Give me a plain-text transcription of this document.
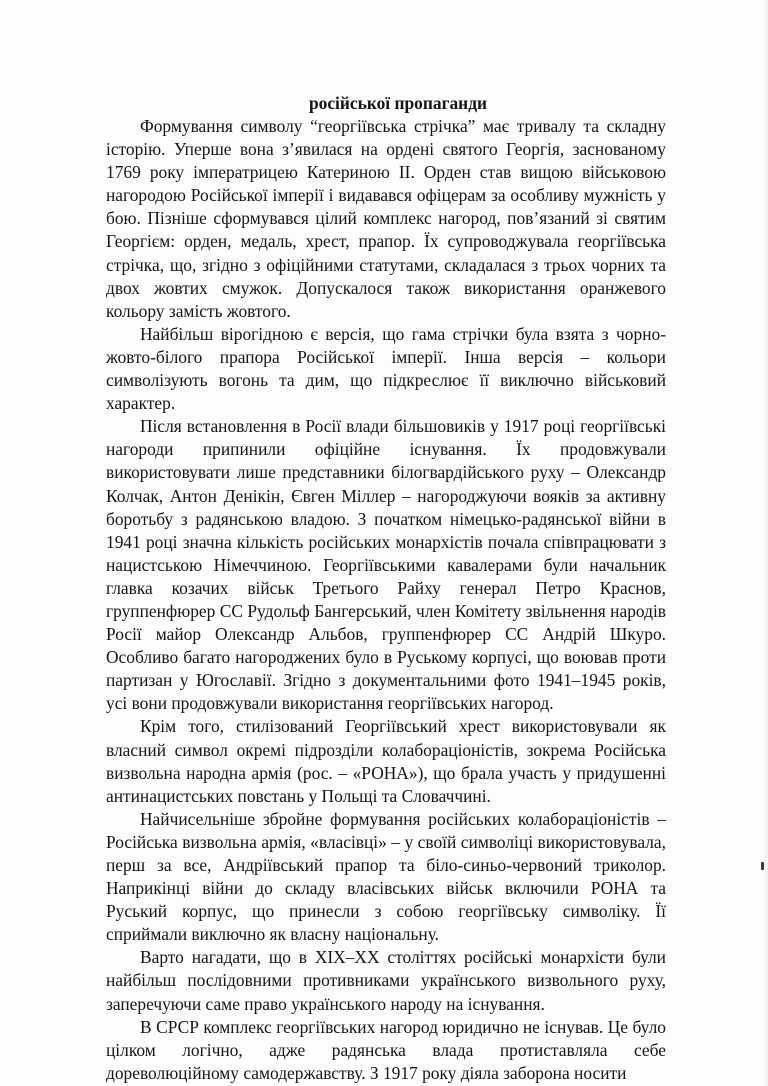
російської пропаганди

Формування символу “георгіївська стрічка” має тривалу та складну історію. Уперше вона з’явилася на ордені святого Георгія, заснованому 1769 року імператрицею Катериною II. Орден став вищою військовою нагородою Російської імперії і видавався офіцерам за особливу мужність у бою. Пізніше сформувався цілий комплекс нагород, пов’язаний зі святим Георгієм: орден, медаль, хрест, прапор. Їх супроводжувала георгіївська стрічка, що, згідно з офіційними статутами, складалася з трьох чорних та двох жовтих смужок. Допускалося також використання оранжевого кольору замість жовтого.

Найбільш вірогідною є версія, що гама стрічки була взята з чорно-жовто-білого прапора Російської імперії. Інша версія – кольори символізують вогонь та дим, що підкреслює її виключно військовий характер.

Після встановлення в Росії влади більшовиків у 1917 році георгіївські нагороди припинили офіційне існування. Їх продовжували використовувати лише представники білогвардійського руху – Олександр Колчак, Антон Денікін, Євген Міллер – нагороджуючи вояків за активну боротьбу з радянською владою. З початком німецько-радянської війни в 1941 році значна кількість російських монархістів почала співпрацювати з нацистською Німеччиною. Георгіївськими кавалерами були начальник главка козачих військ Третього Райху генерал Петро Краснов, группенфюрер СС Рудольф Бангерський, член Комітету звільнення народів Росії майор Олександр Альбов, группенфюрер СС Андрій Шкуро. Особливо багато нагороджених було в Руському корпусі, що воював проти партизан у Югославії. Згідно з документальними фото 1941–1945 років, усі вони продовжували використання георгіївських нагород.

Крім того, стилізований Георгіївський хрест використовували як власний символ окремі підрозділи колабораціоністів, зокрема Російська визвольна народна армія (рос. – «РОНА»), що брала участь у придушенні антинацистських повстань у Польщі та Словаччині.

Найчисельніше збройне формування російських колабораціоністів – Російська визвольна армія, «власівці» – у своїй символіці використовувала, перш за все, Андріївський прапор та біло-синьо-червоний триколор. Наприкінці війни до складу власівських військ включили РОНА та Руський корпус, що принесли з собою георгіївську символіку. Її сприймали виключно як власну національну.

Варто нагадати, що в XIX–XX століттях російські монархісти були найбільш послідовними противниками українського визвольного руху, заперечуючи саме право українського народу на існування.

В СРСР комплекс георгіївських нагород юридично не існував. Це було цілком логічно, адже радянська влада протиставляла себе дореволюційному самодержавству. З 1917 року діяла заборона носити
